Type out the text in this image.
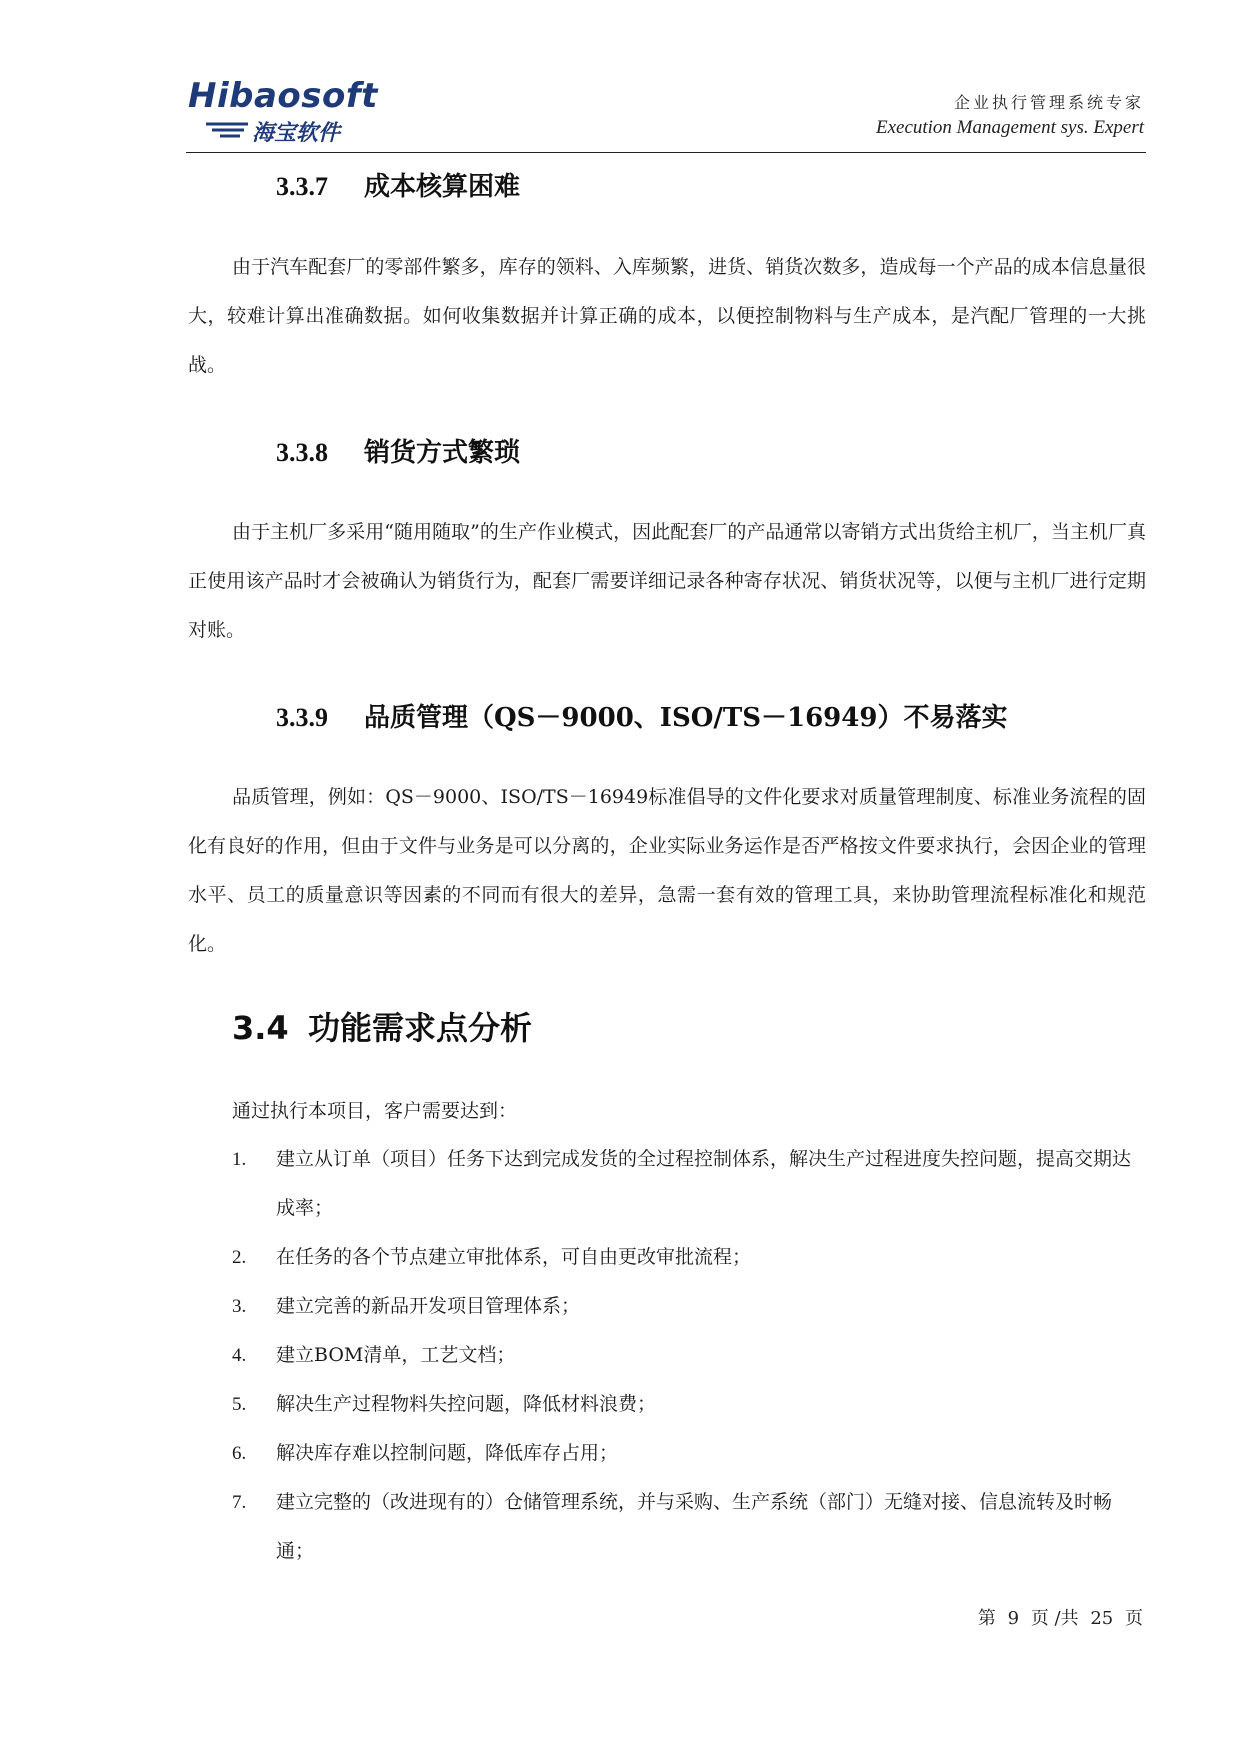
Hibaosoft
海宝软件
企业执行管理系统专家
Execution Management sys. Expert
3.3.7 成本核算困难
由于汽车配套厂的零部件繁多，库存的领料、入库频繁，进货、销货次数多，造成每一个产品的成本信息量很大，较难计算出准确数据。如何收集数据并计算正确的成本，以便控制物料与生产成本，是汽配厂管理的一大挑战。
3.3.8 销货方式繁琐
由于主机厂多采用“随用随取”的生产作业模式，因此配套厂的产品通常以寄销方式出货给主机厂，当主机厂真正使用该产品时才会被确认为销货行为，配套厂需要详细记录各种寄存状况、销货状况等，以便与主机厂进行定期对账。
3.3.9 品质管理（QS－9000、ISO/TS－16949）不易落实
品质管理，例如：QS－9000、ISO/TS－16949标准倡导的文件化要求对质量管理制度、标准业务流程的固化有良好的作用，但由于文件与业务是可以分离的，企业实际业务运作是否严格按文件要求执行，会因企业的管理水平、员工的质量意识等因素的不同而有很大的差异，急需一套有效的管理工具，来协助管理流程标准化和规范化。
3.4 功能需求点分析
通过执行本项目，客户需要达到：
1. 建立从订单（项目）任务下达到完成发货的全过程控制体系，解决生产过程进度失控问题，提高交期达成率；
2. 在任务的各个节点建立审批体系，可自由更改审批流程；
3. 建立完善的新品开发项目管理体系；
4. 建立BOM清单，工艺文档；
5. 解决生产过程物料失控问题，降低材料浪费；
6. 解决库存难以控制问题，降低库存占用；
7. 建立完整的（改进现有的）仓储管理系统，并与采购、生产系统（部门）无缝对接、信息流转及时畅通；
第 9 页 /共 25 页
